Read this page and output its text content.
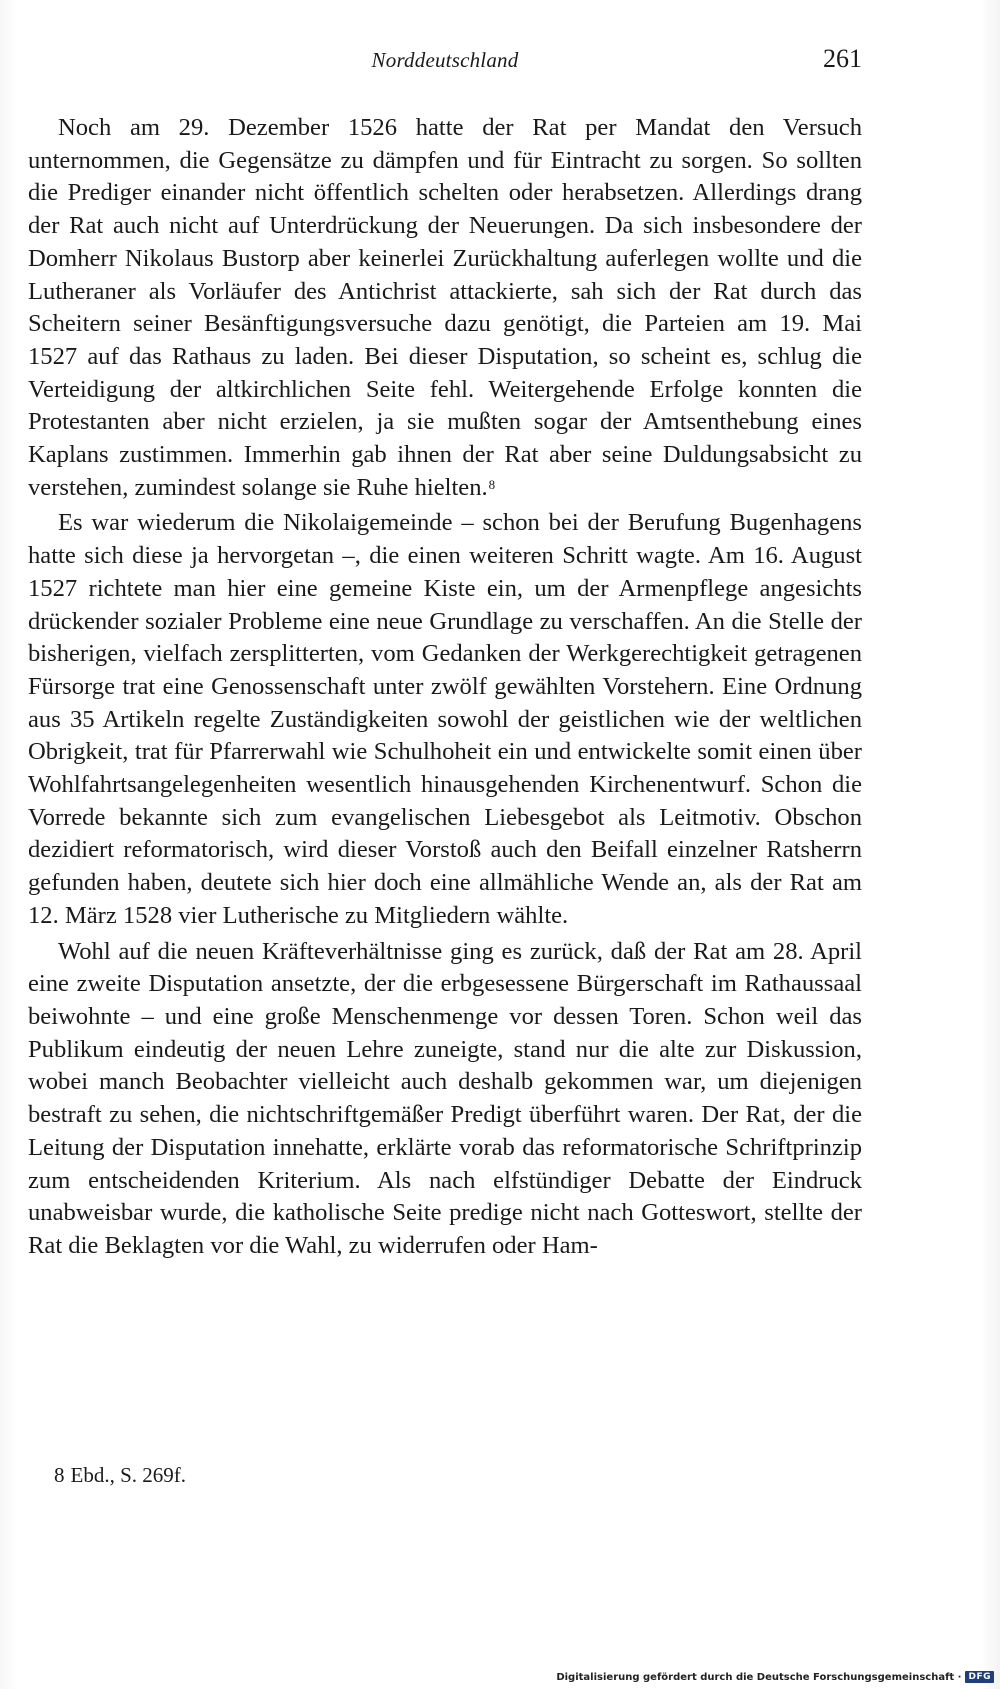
Norddeutschland	261

Noch am 29. Dezember 1526 hatte der Rat per Mandat den Versuch unternommen, die Gegensätze zu dämpfen und für Eintracht zu sorgen. So sollten die Prediger einander nicht öffentlich schelten oder herabsetzen. Allerdings drang der Rat auch nicht auf Unterdrückung der Neuerungen. Da sich insbesondere der Domherr Nikolaus Bustorp aber keinerlei Zurückhaltung auferlegen wollte und die Lutheraner als Vorläufer des Antichrist attackierte, sah sich der Rat durch das Scheitern seiner Besänftigungsversuche dazu genötigt, die Parteien am 19. Mai 1527 auf das Rathaus zu laden. Bei dieser Disputation, so scheint es, schlug die Verteidigung der altkirchlichen Seite fehl. Weitergehende Erfolge konnten die Protestanten aber nicht erzielen, ja sie mußten sogar der Amtsenthebung eines Kaplans zustimmen. Immerhin gab ihnen der Rat aber seine Duldungsabsicht zu verstehen, zumindest solange sie Ruhe hielten.$^8$

Es war wiederum die Nikolaigemeinde – schon bei der Berufung Bugenhagens hatte sich diese ja hervorgetan –, die einen weiteren Schritt wagte. Am 16. August 1527 richtete man hier eine gemeine Kiste ein, um der Armenpflege angesichts drückender sozialer Probleme eine neue Grundlage zu verschaffen. An die Stelle der bisherigen, vielfach zersplitterten, vom Gedanken der Werkgerechtigkeit getragenen Fürsorge trat eine Genossenschaft unter zwölf gewählten Vorstehern. Eine Ordnung aus 35 Artikeln regelte Zuständigkeiten sowohl der geistlichen wie der weltlichen Obrigkeit, trat für Pfarrerwahl wie Schulhoheit ein und entwickelte somit einen über Wohlfahrtsangelegenheiten wesentlich hinausgehenden Kirchenentwurf. Schon die Vorrede bekannte sich zum evangelischen Liebesgebot als Leitmotiv. Obschon dezidiert reformatorisch, wird dieser Vorstoß auch den Beifall einzelner Ratsherrn gefunden haben, deutete sich hier doch eine allmähliche Wende an, als der Rat am 12. März 1528 vier Lutherische zu Mitgliedern wählte.

Wohl auf die neuen Kräfteverhältnisse ging es zurück, daß der Rat am 28. April eine zweite Disputation ansetzte, der die erbgesessene Bürgerschaft im Rathaussaal beiwohnte – und eine große Menschenmenge vor dessen Toren. Schon weil das Publikum eindeutig der neuen Lehre zuneigte, stand nur die alte zur Diskussion, wobei manch Beobachter vielleicht auch deshalb gekommen war, um diejenigen bestraft zu sehen, die nichtschriftgemäßer Predigt überführt waren. Der Rat, der die Leitung der Disputation innehatte, erklärte vorab das reformatorische Schriftprinzip zum entscheidenden Kriterium. Als nach elfstündiger Debatte der Eindruck unabweisbar wurde, die katholische Seite predige nicht nach Gotteswort, stellte der Rat die Beklagten vor die Wahl, zu widerrufen oder Ham-

8 Ebd., S. 269f.
Digitalisierung gefördert durch die Deutsche Forschungsgemeinschaft · DFG
